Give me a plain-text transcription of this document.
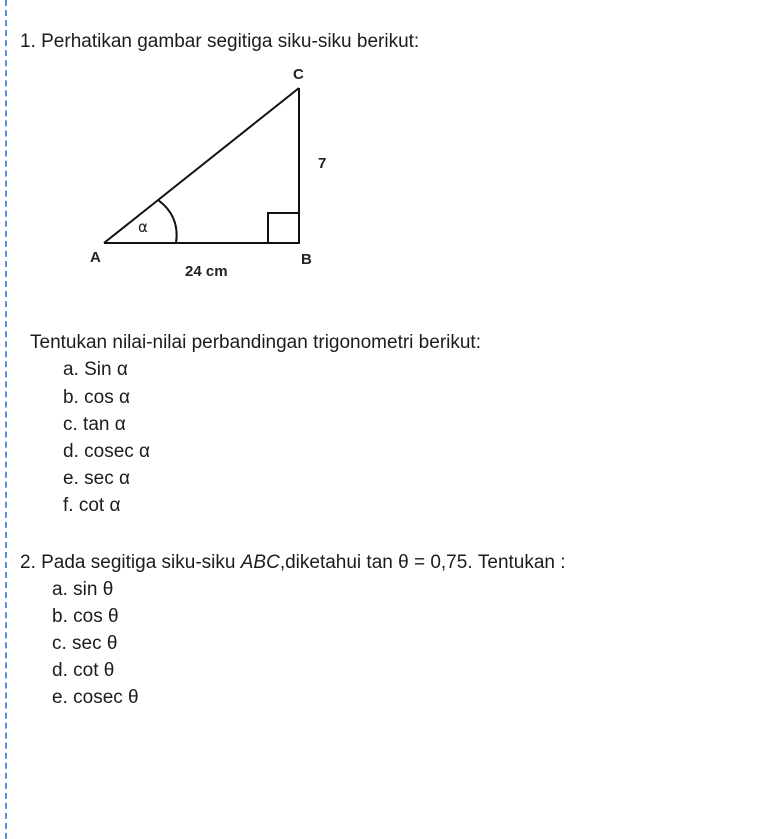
1. Perhatikan gambar segitiga siku-siku berikut:
C
7
α
A	B
24 cm
Tentukan nilai-nilai perbandingan trigonometri berikut:
a. Sin α
b. cos α
c. tan α
d. cosec α
e. sec α
f. cot α
2. Pada segitiga siku-siku ABC,diketahui tan θ = 0,75. Tentukan :
a. sin θ
b. cos θ
c. sec θ
d. cot θ
e. cosec θ
